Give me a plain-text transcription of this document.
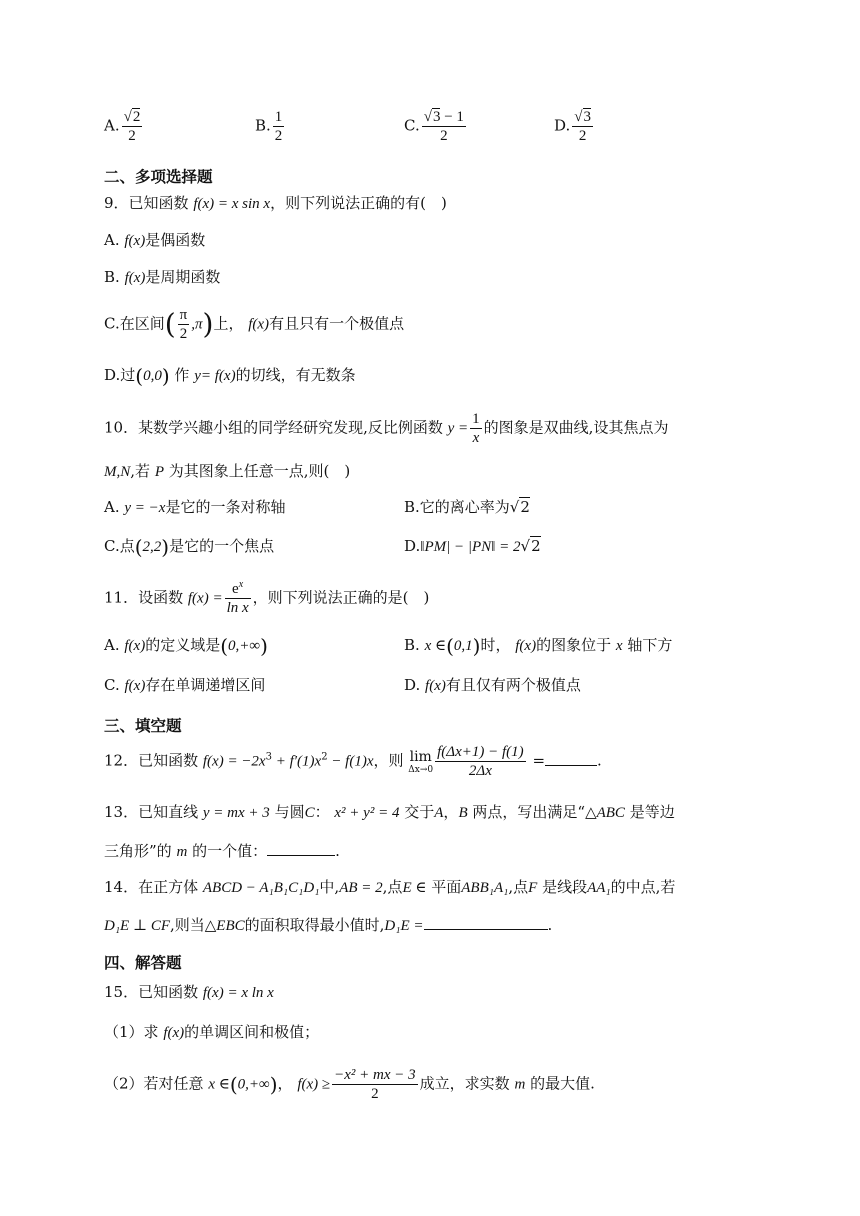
A. $\frac{√2}{2}$	B. $\frac{1}{2}$	C. $\frac{√3 - 1}{2}$	D. $\frac{√3}{2}$
二、多项选择题
9．已知函数 f(x) = x sin x，则下列说法正确的有(　)
A. f(x)是偶函数
B. f(x)是周期函数
C.在区间( $\frac{\pi}{2} ,\pi$)上， f(x)有且只有一个极值点
D.过(0,0) 作 y= f(x)的切线，有无数条
10．某数学兴趣小组的同学经研究发现,反比例函数 $y = \frac{1}{x}$ 的图象是双曲线,设其焦点为
M,N,若 P 为其图象上任意一点,则(　)
A. y = −x是它的一条对称轴	B.它的离心率为√2
C.点(2,2)是它的一个焦点	D.‖PM| − |PN‖ = 2√2
11．设函数 $f(x) = \frac{e^x}{\text{ln x}}$ ，则下列说法正确的是(　)
A. f(x)的定义域是(0,+∞)	B. x ∈(0,1)时， f(x)的图象位于 x 轴下方
C. f(x)存在单调递增区间	D. f(x)有且仅有两个极值点
三、填空题
12．已知函数 $f(x) = -2x^3 + f'(1)x^2 - f(1)x$，则 lim
$\Delta x\to 0 \frac{f(\Delta x+1) - f(1)}{2\Delta x}$ =	.
13．已知直线 y = mx + 3 与圆C： x² + y² = 4 交于A，B 两点，写出满足“△ABC 是等边
三角形”的 m 的一个值：	.
14．在正方体 ABCD − A₁B₁C₁D₁中,AB = 2,点E ∈ 平面ABB₁A₁,点F 是线段AA₁的中点,若
D₁E ⊥ CF,则当△EBC的面积取得最小值时,D₁E =	.
四、解答题
15．已知函数 f(x) = x ln x
（1）求 f(x)的单调区间和极值；
（2）若对任意 x ∈(0,+∞)， $f(x) \ge \frac{\text{−x² + mx − 3}}{2}$ 成立，求实数 m 的最大值.
